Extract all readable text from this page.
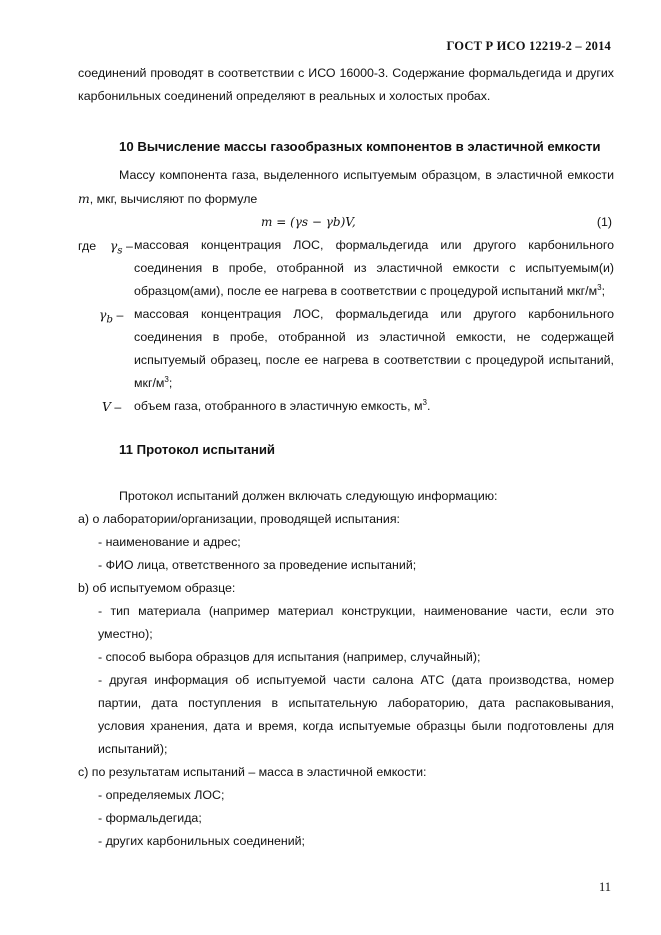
ГОСТ Р ИСО 12219-2 – 2014

соединений проводят в соответствии с ИСО 16000-3. Содержание формальдегида и других карбонильных соединений определяют в реальных и холостых пробах.

10 Вычисление массы газообразных компонентов в эластичной емкости

Массу компонента газа, выделенного испытуемым образцом, в эластичной емкости m, мкг, вычисляют по формуле

m = (γs − γb)V,	(1)
где $\gamma_s$ – массовая концентрация ЛОС, формальдегида или другого карбонильного соединения в пробе, отобранной из эластичной емкости с испытуемым(и) образцом(ами), после ее нагрева в соответствии с процедурой испытаний мкг/$м^3$;

$\gamma_b$ – массовая концентрация ЛОС, формальдегида или другого карбонильного соединения в пробе, отобранной из эластичной емкости, не содержащей испытуемый образец, после ее нагрева в соответствии с процедурой испытаний, мкг/$м^3$;

V – объем газа, отобранного в эластичную емкость, $м^3$.

11 Протокол испытаний

Протокол испытаний должен включать следующую информацию:

a) о лаборатории/организации, проводящей испытания:

- наименование и адрес;

- ФИО лица, ответственного за проведение испытаний;

b) об испытуемом образце:

- тип материала (например материал конструкции, наименование части, если это уместно);

- способ выбора образцов для испытания (например, случайный);

- другая информация об испытуемой части салона АТС (дата производства, номер партии, дата поступления в испытательную лабораторию, дата распаковывания, условия хранения, дата и время, когда испытуемые образцы были подготовлены для испытаний);

c) по результатам испытаний – масса в эластичной емкости:

- определяемых ЛОС;

- формальдегида;

- других карбонильных соединений;

11
